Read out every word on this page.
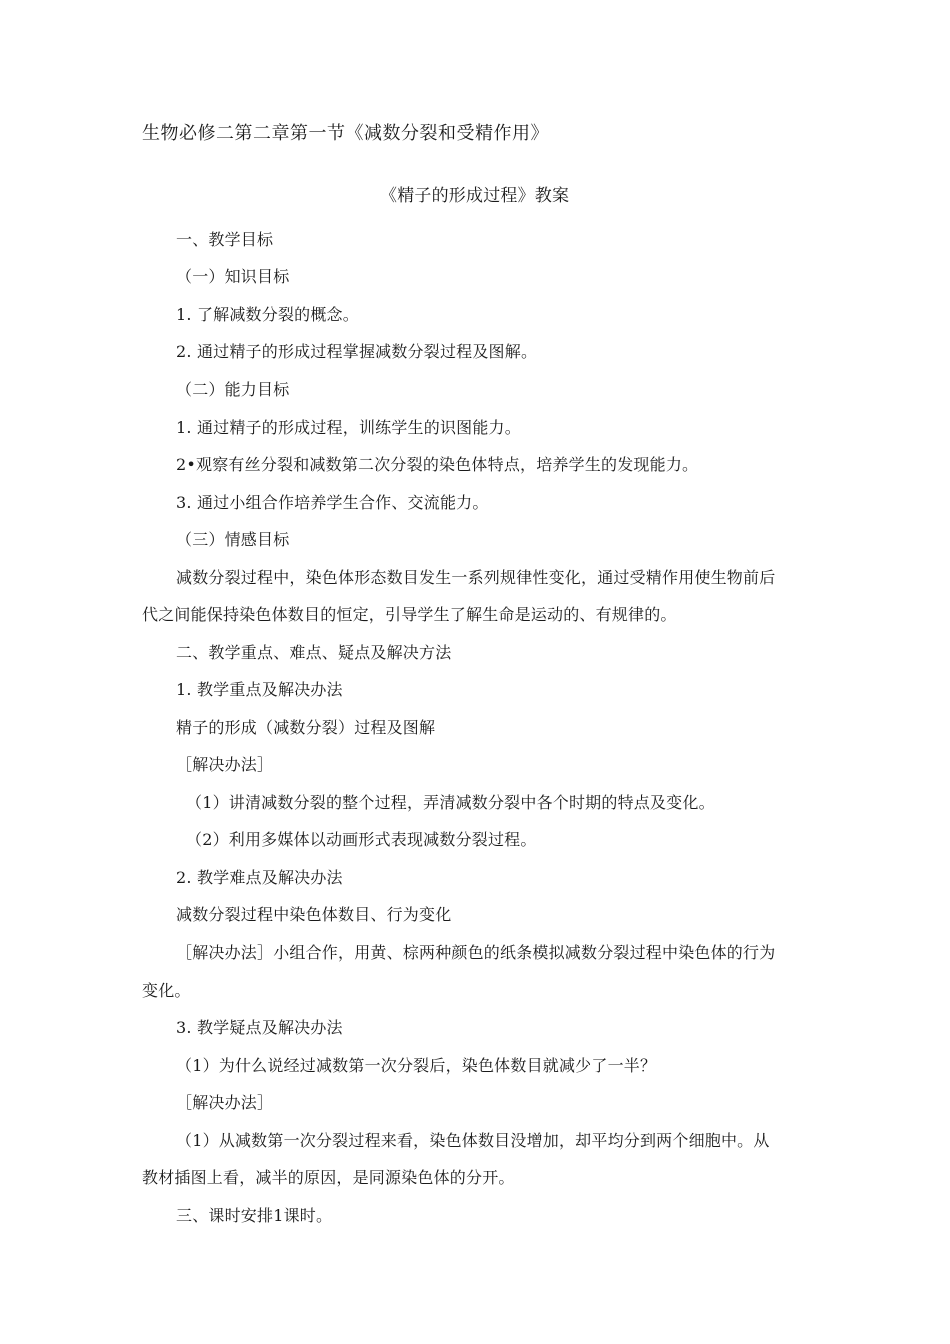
生物必修二第二章第一节《减数分裂和受精作用》
《精子的形成过程》教案
一、教学目标
（一）知识目标
1. 了解减数分裂的概念。
2. 通过精子的形成过程掌握减数分裂过程及图解。
（二）能力目标
1. 通过精子的形成过程，训练学生的识图能力。
2•观察有丝分裂和减数第二次分裂的染色体特点，培养学生的发现能力。
3. 通过小组合作培养学生合作、交流能力。
（三）情感目标
减数分裂过程中，染色体形态数目发生一系列规律性变化，通过受精作用使生物前后
代之间能保持染色体数目的恒定，引导学生了解生命是运动的、有规律的。
二、教学重点、难点、疑点及解决方法
1. 教学重点及解决办法
精子的形成（减数分裂）过程及图解
［解决办法］
（1）讲清减数分裂的整个过程，弄清减数分裂中各个时期的特点及变化。
（2）利用多媒体以动画形式表现减数分裂过程。
2. 教学难点及解决办法
减数分裂过程中染色体数目、行为变化
［解决办法］小组合作，用黄、棕两种颜色的纸条模拟减数分裂过程中染色体的行为
变化。
3. 教学疑点及解决办法
（1）为什么说经过减数第一次分裂后，染色体数目就减少了一半？
［解决办法］
（1）从减数第一次分裂过程来看，染色体数目没增加，却平均分到两个细胞中。从
教材插图上看，减半的原因，是同源染色体的分开。
三、课时安排1课时。
